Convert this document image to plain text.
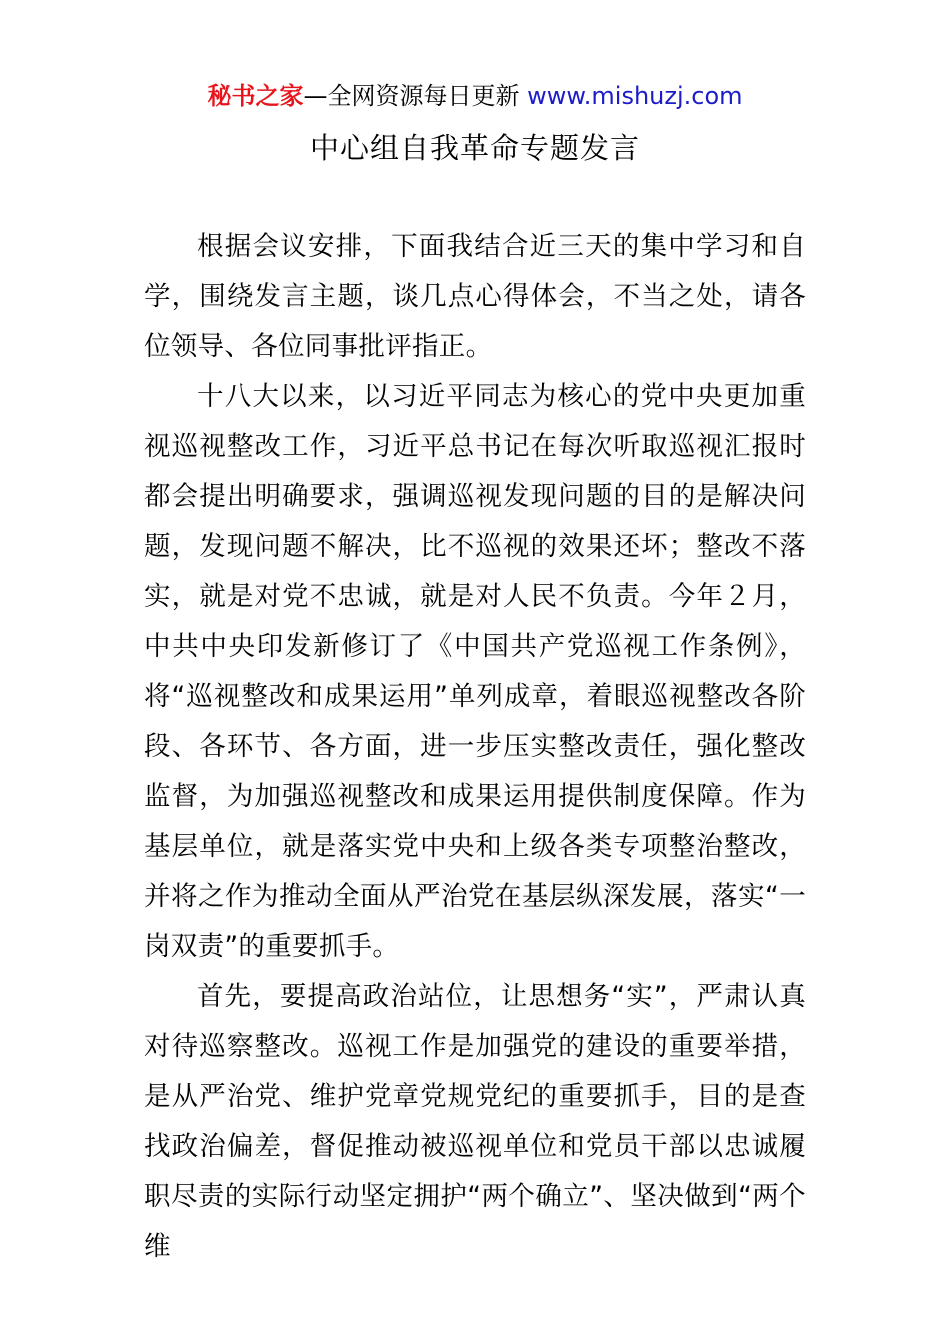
秘书之家—全网资源每日更新 www.mishuzj.com
中心组自我革命专题发言

根据会议安排，下面我结合近三天的集中学习和自学，围绕发言主题，谈几点心得体会，不当之处，请各位领导、各位同事批评指正。

十八大以来，以习近平同志为核心的党中央更加重视巡视整改工作，习近平总书记在每次听取巡视汇报时都会提出明确要求，强调巡视发现问题的目的是解决问题，发现问题不解决，比不巡视的效果还坏；整改不落实，就是对党不忠诚，就是对人民不负责。今年２月，中共中央印发新修订了《中国共产党巡视工作条例》，将“巡视整改和成果运用”单列成章，着眼巡视整改各阶段、各环节、各方面，进一步压实整改责任，强化整改监督，为加强巡视整改和成果运用提供制度保障。作为基层单位，就是落实党中央和上级各类专项整治整改，并将之作为推动全面从严治党在基层纵深发展，落实“一岗双责”的重要抓手。

首先，要提高政治站位，让思想务“实”，严肃认真对待巡察整改。巡视工作是加强党的建设的重要举措，是从严治党、维护党章党规党纪的重要抓手，目的是查找政治偏差，督促推动被巡视单位和党员干部以忠诚履职尽责的实际行动坚定拥护“两个确立”、坚决做到“两个维
